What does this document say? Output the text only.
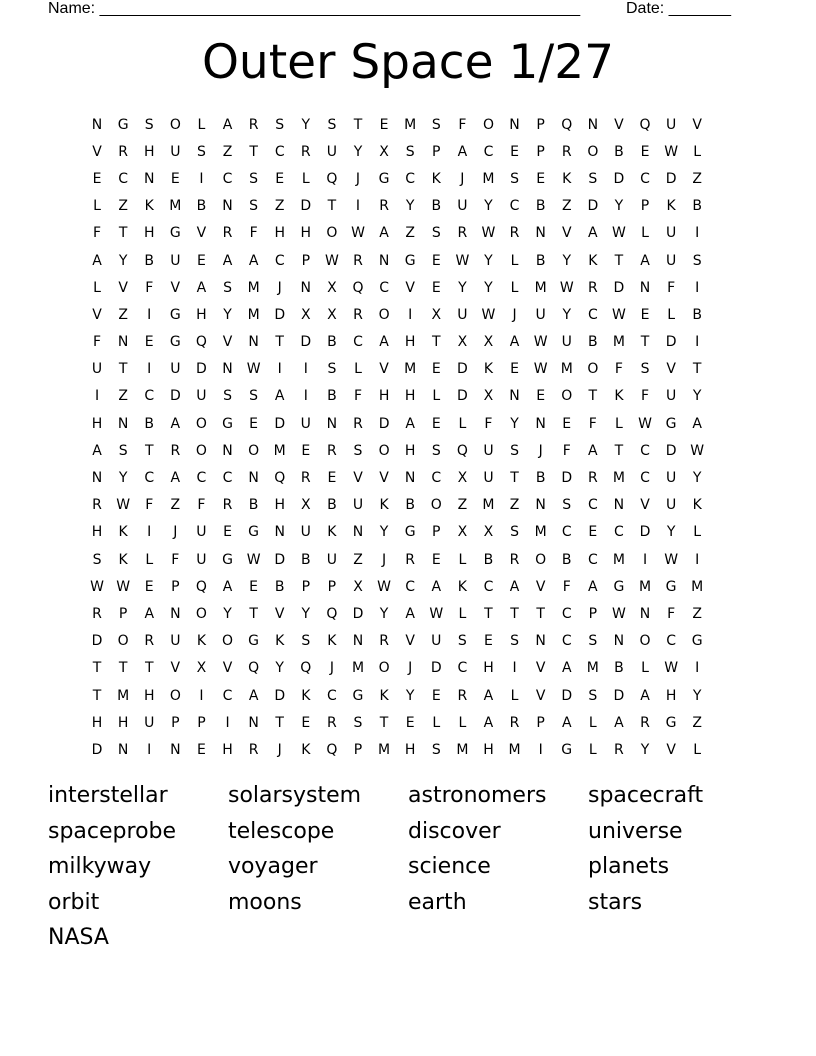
Name: ______________________________________________________	Date: _______
Outer Space 1/27
N	G	S	O	L	A	R	S	Y	S	T	E	M	S	F	O	N	P	Q	N	V	Q	U	V
V	R	H	U	S	Z	T	C	R	U	Y	X	S	P	A	C	E	P	R	O	B	E	W	L
E	C	N	E	I	C	S	E	L	Q	J	G	C	K	J	M	S	E	K	S	D	C	D	Z
L	Z	K	M	B	N	S	Z	D	T	I	R	Y	B	U	Y	C	B	Z	D	Y	P	K	B
F	T	H	G	V	R	F	H	H	O	W	A	Z	S	R	W	R	N	V	A	W	L	U	I
A	Y	B	U	E	A	A	C	P	W	R	N	G	E	W	Y	L	B	Y	K	T	A	U	S
L	V	F	V	A	S	M	J	N	X	Q	C	V	E	Y	Y	L	M	W	R	D	N	F	I
V	Z	I	G	H	Y	M	D	X	X	R	O	I	X	U	W	J	U	Y	C	W	E	L	B
F	N	E	G	Q	V	N	T	D	B	C	A	H	T	X	X	A	W	U	B	M	T	D	I
U	T	I	U	D	N	W	I	I	S	L	V	M	E	D	K	E	W	M	O	F	S	V	T
I	Z	C	D	U	S	S	A	I	B	F	H	H	L	D	X	N	E	O	T	K	F	U	Y
H	N	B	A	O	G	E	D	U	N	R	D	A	E	L	F	Y	N	E	F	L	W	G	A
A	S	T	R	O	N	O	M	E	R	S	O	H	S	Q	U	S	J	F	A	T	C	D	W
N	Y	C	A	C	C	N	Q	R	E	V	V	N	C	X	U	T	B	D	R	M	C	U	Y
R	W	F	Z	F	R	B	H	X	B	U	K	B	O	Z	M	Z	N	S	C	N	V	U	K
H	K	I	J	U	E	G	N	U	K	N	Y	G	P	X	X	S	M	C	E	C	D	Y	L
S	K	L	F	U	G	W	D	B	U	Z	J	R	E	L	B	R	O	B	C	M	I	W	I
W	W	E	P	Q	A	E	B	P	P	X	W	C	A	K	C	A	V	F	A	G	M	G	M
R	P	A	N	O	Y	T	V	Y	Q	D	Y	A	W	L	T	T	T	C	P	W	N	F	Z
D	O	R	U	K	O	G	K	S	K	N	R	V	U	S	E	S	N	C	S	N	O	C	G
T	T	T	V	X	V	Q	Y	Q	J	M	O	J	D	C	H	I	V	A	M	B	L	W	I
T	M	H	O	I	C	A	D	K	C	G	K	Y	E	R	A	L	V	D	S	D	A	H	Y
H	H	U	P	P	I	N	T	E	R	S	T	E	L	L	A	R	P	A	L	A	R	G	Z
D	N	I	N	E	H	R	J	K	Q	P	M	H	S	M	H	M	I	G	L	R	Y	V	L
interstellar	solarsystem	astronomers	spacecraft
spaceprobe	telescope	discover	universe
milkyway	voyager	science	planets
orbit	moons	earth	stars
NASA
